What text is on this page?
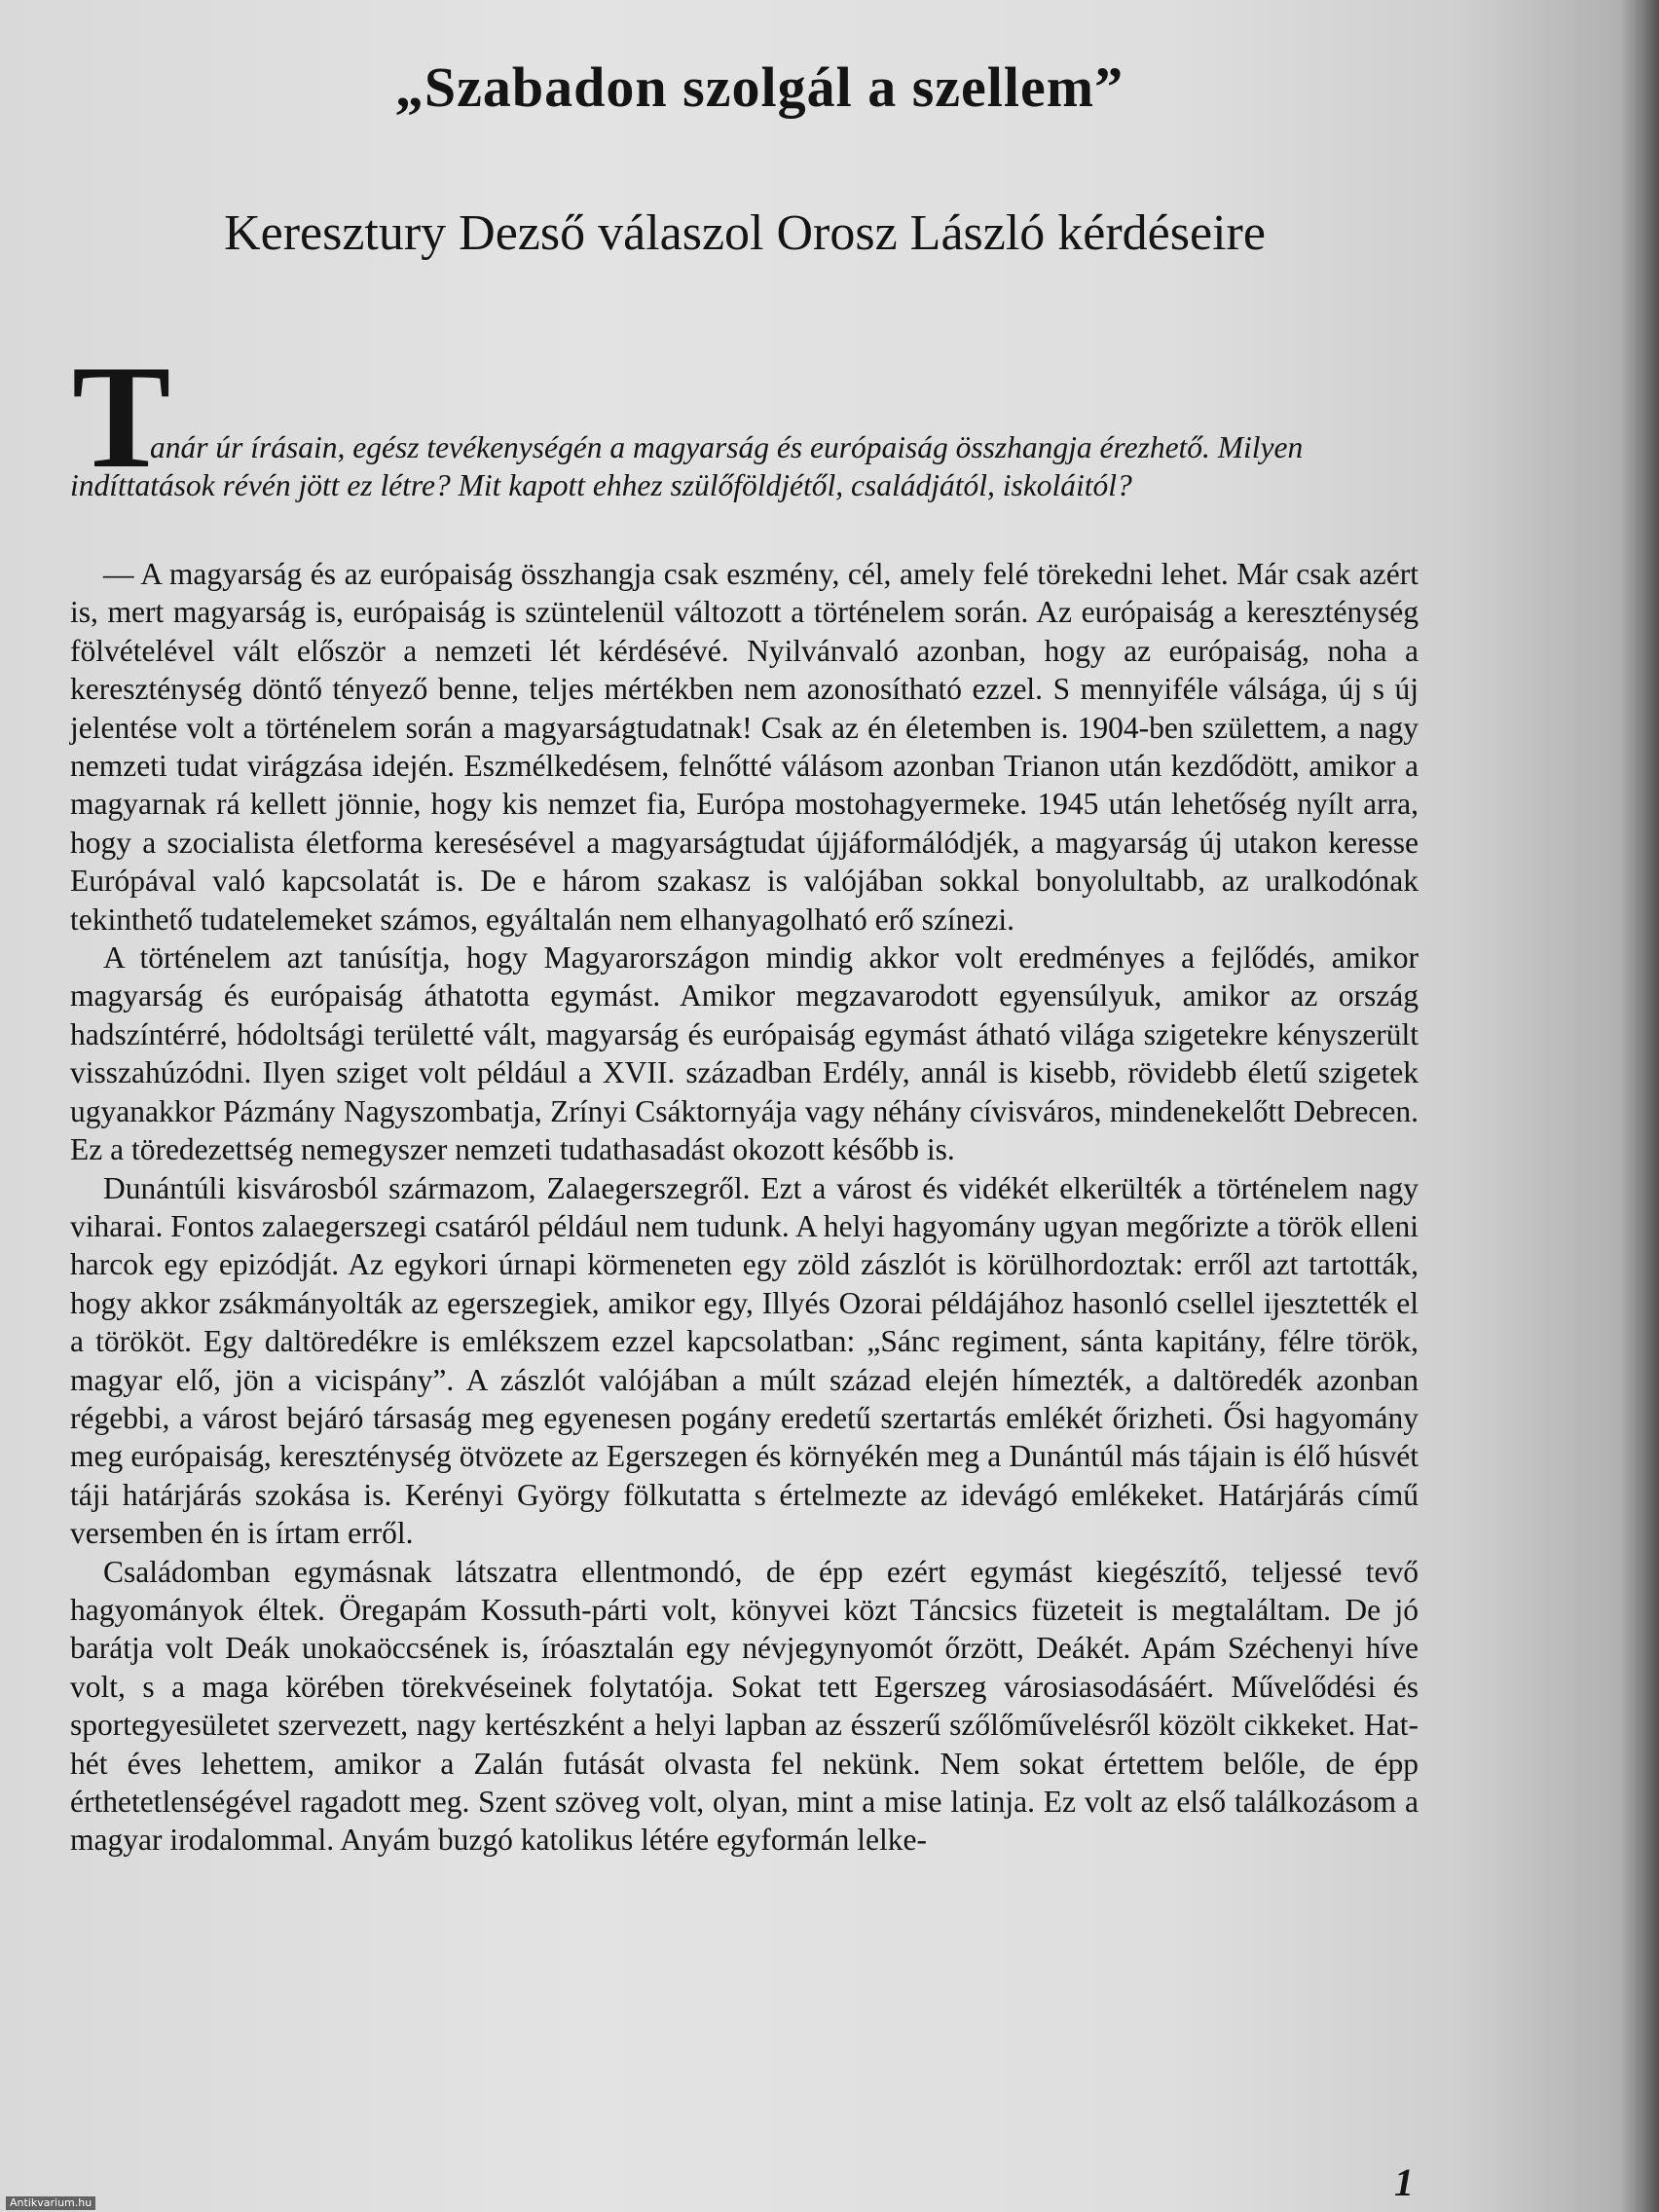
„Szabadon szolgál a szellem”
Keresztury Dezső válaszol Orosz László kérdéseire
T

anár úr írásain, egész tevékenységén a magyarság és európaiság összhangja érezhető. Milyen indíttatások révén jött ez létre? Mit kapott ehhez szülőföldjétől, családjától, iskoláitól?

— A magyarság és az európaiság összhangja csak eszmény, cél, amely felé törekedni lehet. Már csak azért is, mert magyarság is, európaiság is szüntelenül változott a történelem során. Az európaiság a kereszténység fölvételével vált először a nemzeti lét kérdésévé. Nyilvánvaló azonban, hogy az európaiság, noha a kereszténység döntő tényező benne, teljes mértékben nem azonosítható ezzel. S mennyiféle válsága, új s új jelentése volt a történelem során a magyarságtudatnak! Csak az én életemben is. 1904-ben születtem, a nagy nemzeti tudat virágzása idején. Eszmélkedésem, felnőtté válásom azonban Trianon után kezdődött, amikor a magyarnak rá kellett jönnie, hogy kis nemzet fia, Európa mostohagyermeke. 1945 után lehetőség nyílt arra, hogy a szocialista életforma keresésével a magyarságtudat újjáformálódjék, a magyarság új utakon keresse Európával való kapcsolatát is. De e három szakasz is valójában sokkal bonyolultabb, az uralkodónak tekinthető tudatelemeket számos, egyáltalán nem elhanyagolható erő színezi.

A történelem azt tanúsítja, hogy Magyarországon mindig akkor volt eredményes a fejlődés, amikor magyarság és európaiság áthatotta egymást. Amikor megzavarodott egyensúlyuk, amikor az ország hadszíntérré, hódoltsági területté vált, magyarság és európaiság egymást átható világa szigetekre kényszerült visszahúzódni. Ilyen sziget volt például a XVII. században Erdély, annál is kisebb, rövidebb életű szigetek ugyanakkor Pázmány Nagyszombatja, Zrínyi Csáktornyája vagy néhány cívisváros, mindenekelőtt Debrecen. Ez a töredezettség nemegyszer nemzeti tudathasadást okozott később is.

Dunántúli kisvárosból származom, Zalaegerszegről. Ezt a várost és vidékét elkerülték a történelem nagy viharai. Fontos zalaegerszegi csatáról például nem tudunk. A helyi hagyomány ugyan megőrizte a török elleni harcok egy epizódját. Az egykori úrnapi körmeneten egy zöld zászlót is körülhordoztak: erről azt tartották, hogy akkor zsákmányolták az egerszegiek, amikor egy, Illyés Ozorai példájához hasonló csellel ijesztették el a törököt. Egy daltöredékre is emlékszem ezzel kapcsolatban: „Sánc regiment, sánta kapitány, félre török, magyar elő, jön a vicispány”. A zászlót valójában a múlt század elején hímezték, a daltöredék azonban régebbi, a várost bejáró társaság meg egyenesen pogány eredetű szertartás emlékét őrizheti. Ősi hagyomány meg európaiság, kereszténység ötvözete az Egerszegen és környékén meg a Dunántúl más tájain is élő húsvét táji határjárás szokása is. Kerényi György fölkutatta s értelmezte az idevágó emlékeket. Határjárás című versemben én is írtam erről.

Családomban egymásnak látszatra ellentmondó, de épp ezért egymást kiegészítő, teljessé tevő hagyományok éltek. Öregapám Kossuth-párti volt, könyvei közt Táncsics füzeteit is megtaláltam. De jó barátja volt Deák unokaöccsének is, íróasztalán egy névjegynyomót őrzött, Deákét. Apám Széchenyi híve volt, s a maga körében törekvéseinek folytatója. Sokat tett Egerszeg városiasodásáért. Művelődési és sportegyesületet szervezett, nagy kertészként a helyi lapban az ésszerű szőlőművelésről közölt cikkeket. Hat-hét éves lehettem, amikor a Zalán futását olvasta fel nekünk. Nem sokat értettem belőle, de épp érthetetlenségével ragadott meg. Szent szöveg volt, olyan, mint a mise latinja. Ez volt az első találkozásom a magyar irodalommal. Anyám buzgó katolikus létére egyformán lelke-

1
Antikvarium.hu
